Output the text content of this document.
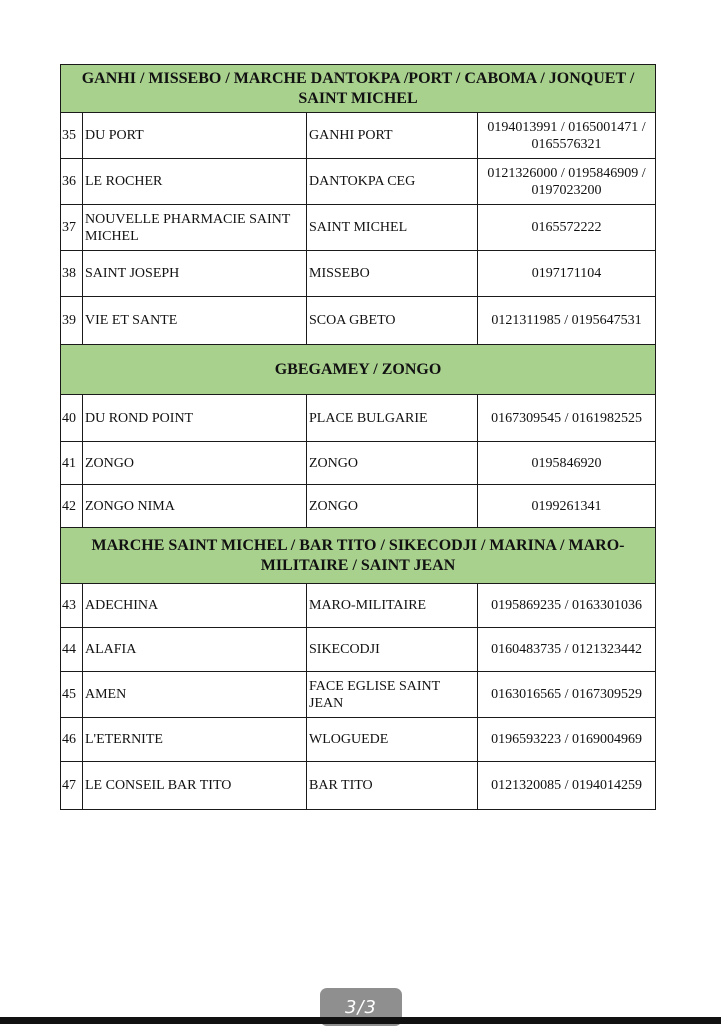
GANHI / MISSEBO / MARCHE DANTOKPA /PORT / CABOMA / JONQUET / SAINT MICHEL			
35	DU PORT	GANHI PORT	0194013991 / 0165001471 / 0165576321
36	LE ROCHER	DANTOKPA CEG	0121326000 / 0195846909 / 0197023200
37	NOUVELLE PHARMACIE SAINT MICHEL	SAINT MICHEL	0165572222
38	SAINT JOSEPH	MISSEBO	0197171104
39	VIE ET SANTE	SCOA GBETO	0121311985 / 0195647531
GBEGAMEY / ZONGO			
40	DU ROND POINT	PLACE BULGARIE	0167309545 / 0161982525
41	ZONGO	ZONGO	0195846920
42	ZONGO NIMA	ZONGO	0199261341
MARCHE SAINT MICHEL / BAR TITO / SIKECODJI / MARINA / MARO-MILITAIRE / SAINT JEAN			
43	ADECHINA	MARO-MILITAIRE	0195869235 / 0163301036
44	ALAFIA	SIKECODJI	0160483735 / 0121323442
45	AMEN	FACE EGLISE SAINT JEAN	0163016565 / 0167309529
46	L'ETERNITE	WLOGUEDE	0196593223 / 0169004969
47	LE CONSEIL BAR TITO	BAR TITO	0121320085 / 0194014259
3/3
